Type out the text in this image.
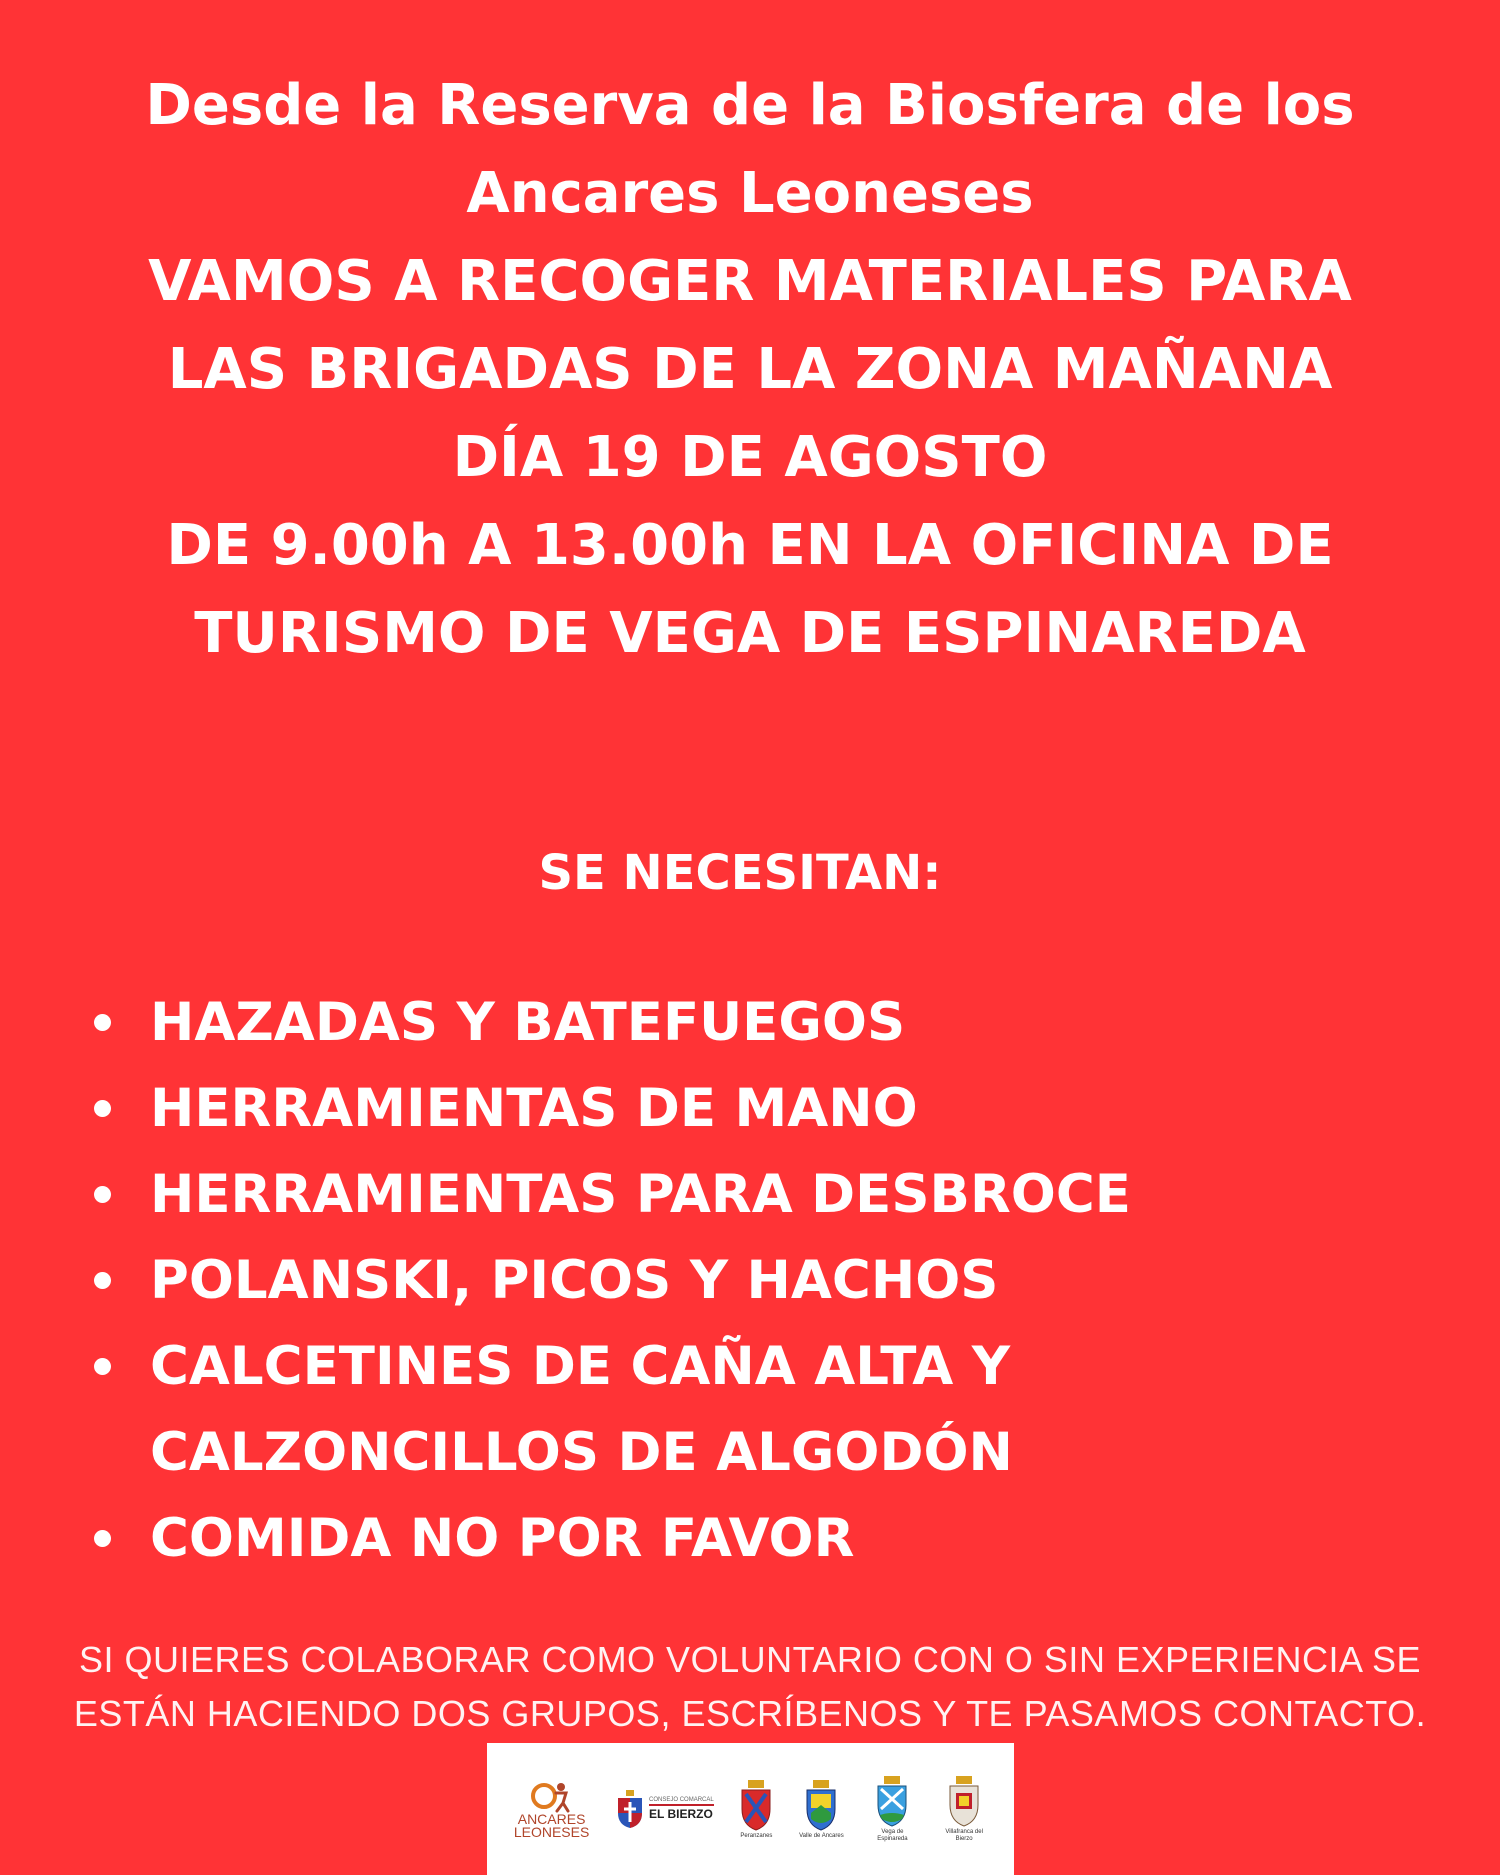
Desde la Reserva de la Biosfera de los
Ancares Leoneses
VAMOS A RECOGER MATERIALES PARA
LAS BRIGADAS DE LA ZONA MAÑANA
DÍA 19 DE AGOSTO
DE 9.00h A 13.00h EN LA OFICINA DE
TURISMO DE VEGA DE ESPINAREDA
SE NECESITAN:
HAZADAS Y BATEFUEGOS
HERRAMIENTAS DE MANO
HERRAMIENTAS PARA DESBROCE
POLANSKI, PICOS Y HACHOS
CALCETINES DE CAÑA ALTA Y
CALZONCILLOS DE ALGODÓN
COMIDA NO POR FAVOR
SI QUIERES COLABORAR COMO VOLUNTARIO CON O SIN EXPERIENCIA SE
ESTÁN HACIENDO DOS GRUPOS, ESCRÍBENOS Y TE PASAMOS CONTACTO.
ANCARES
LEONESES
CONSEJO COMARCAL
EL BIERZO
Peranzanes	Valle de Ancares
Vega de Espinareda
Villafranca del Bierzo
